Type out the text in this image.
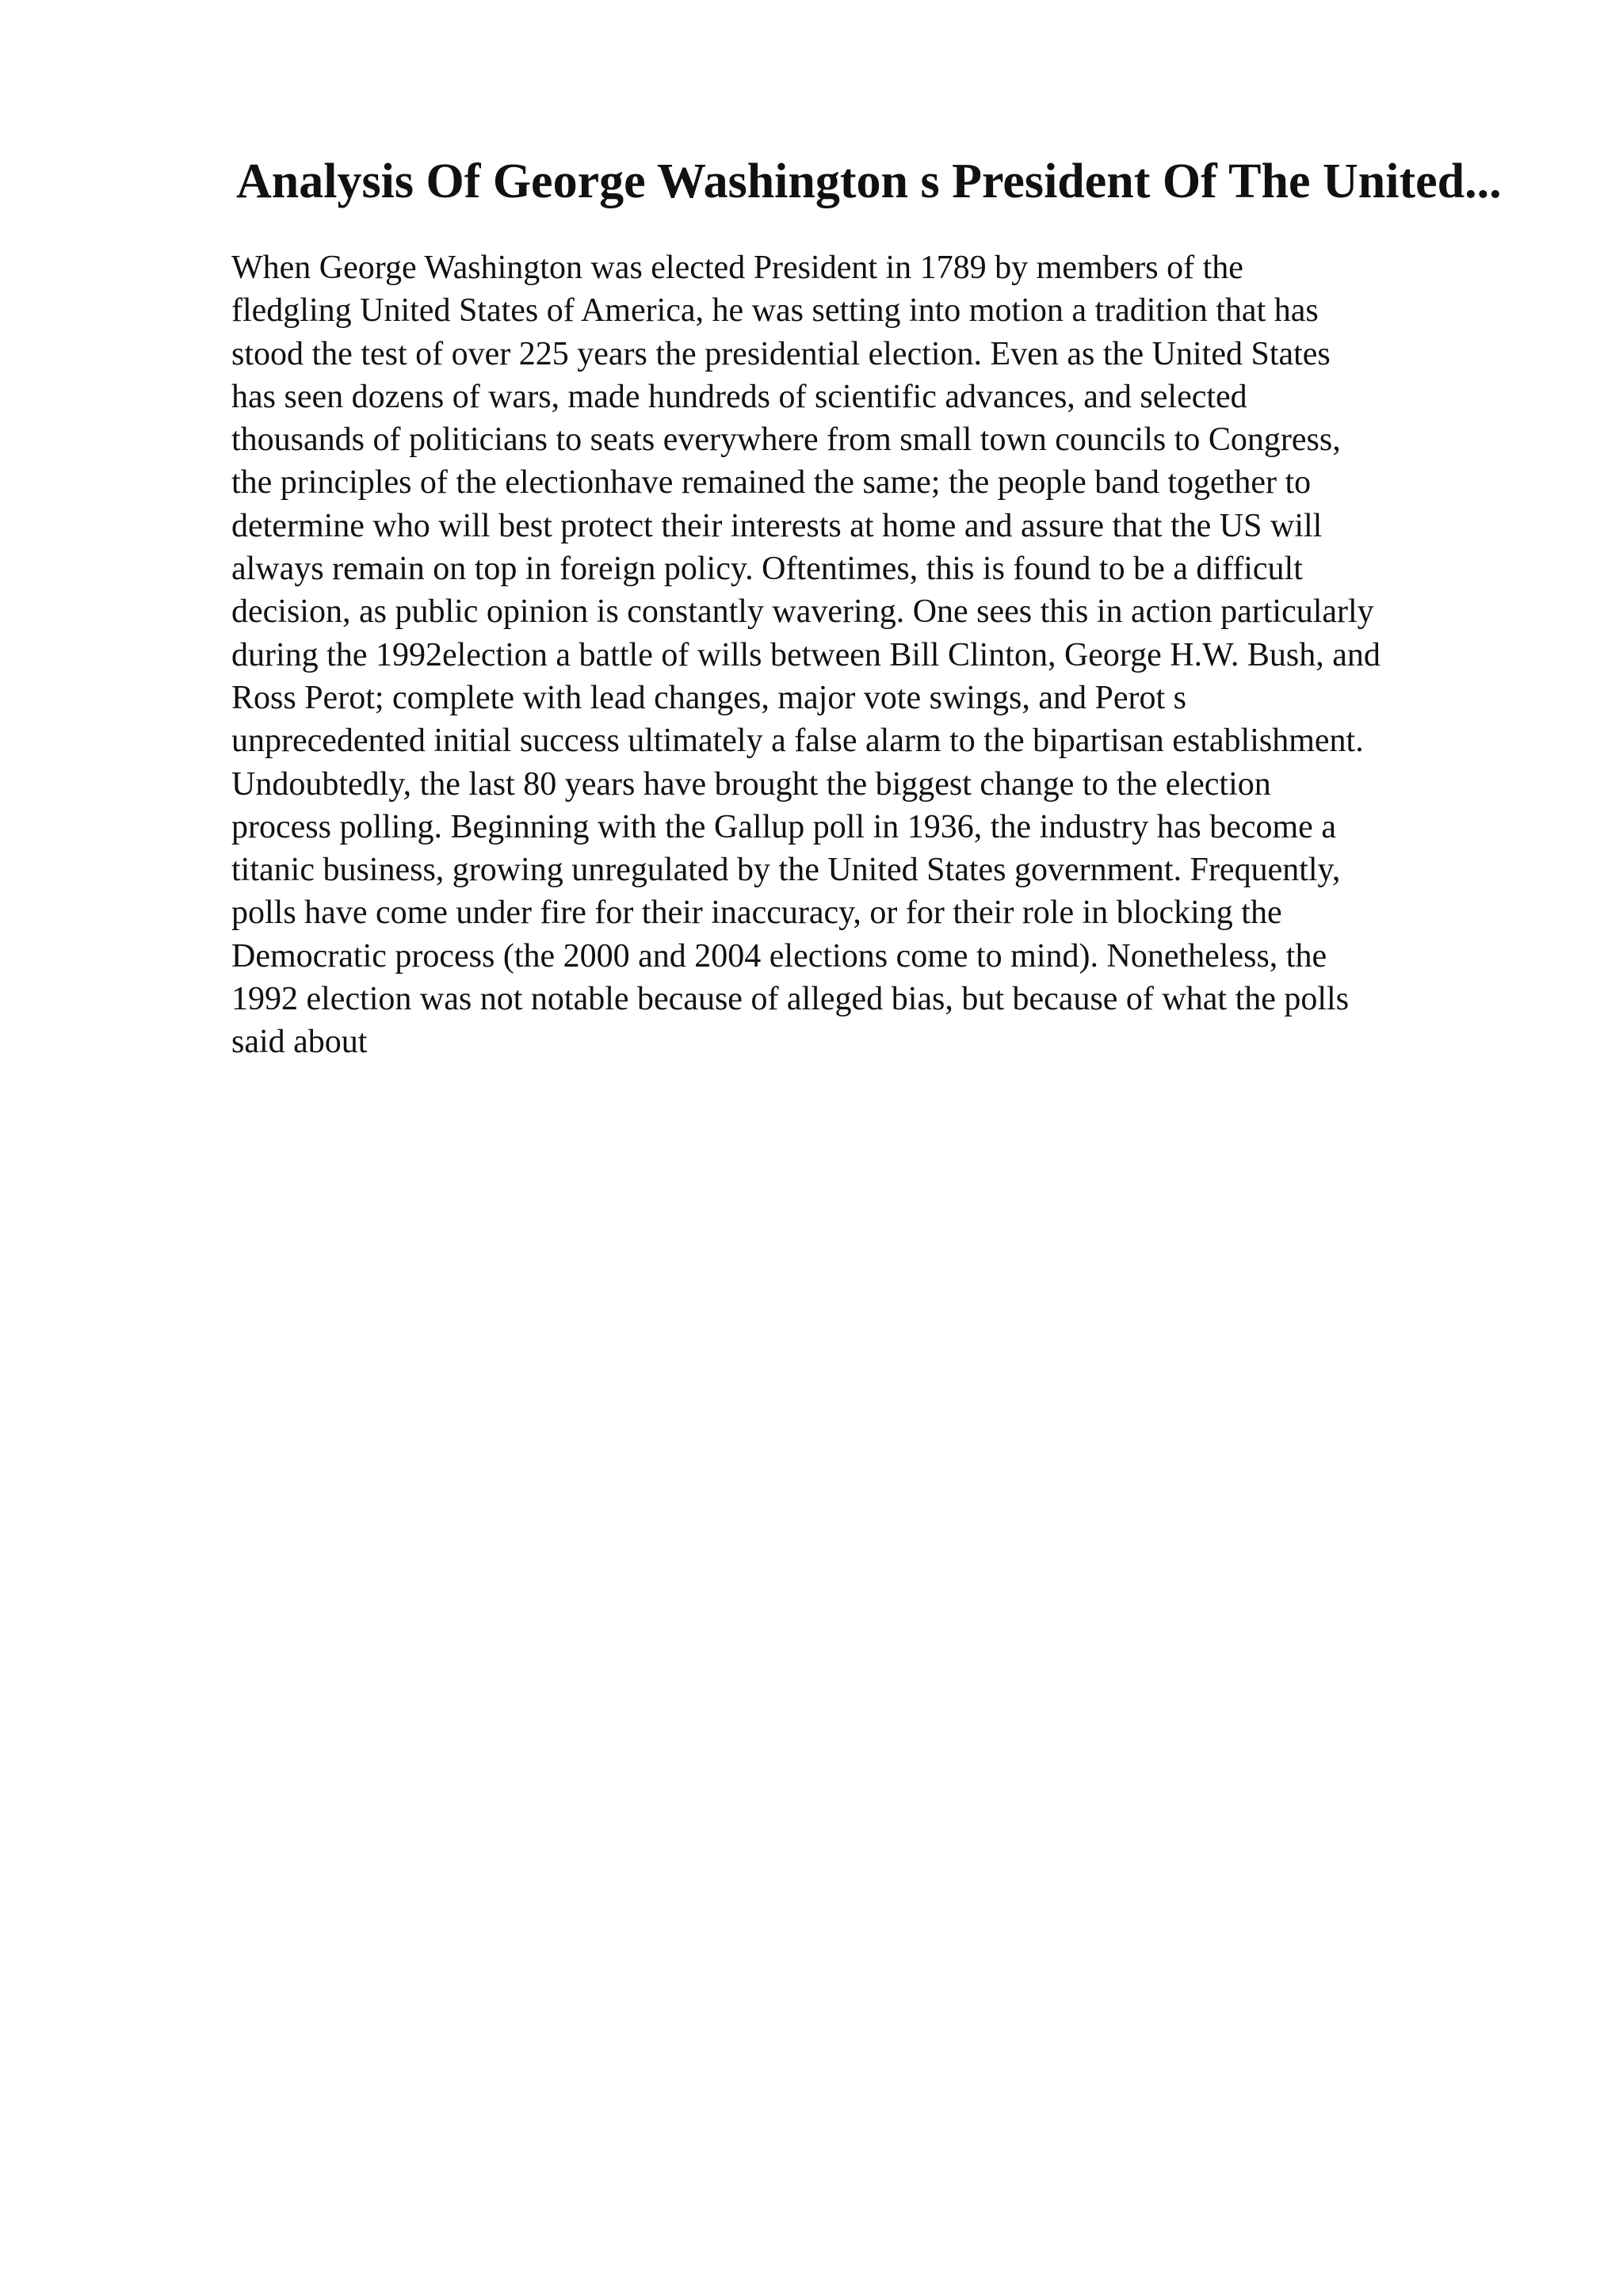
Analysis Of George Washington s President Of The United...
When George Washington was elected President in 1789 by members of the
fledgling United States of America, he was setting into motion a tradition that has
stood the test of over 225 years the presidential election. Even as the United States
has seen dozens of wars, made hundreds of scientific advances, and selected
thousands of politicians to seats everywhere from small town councils to Congress,
the principles of the electionhave remained the same; the people band together to
determine who will best protect their interests at home and assure that the US will
always remain on top in foreign policy. Oftentimes, this is found to be a difficult
decision, as public opinion is constantly wavering. One sees this in action particularly
during the 1992election a battle of wills between Bill Clinton, George H.W. Bush, and
Ross Perot; complete with lead changes, major vote swings, and Perot s
unprecedented initial success ultimately a false alarm to the bipartisan establishment.
Undoubtedly, the last 80 years have brought the biggest change to the election
process polling. Beginning with the Gallup poll in 1936, the industry has become a
titanic business, growing unregulated by the United States government. Frequently,
polls have come under fire for their inaccuracy, or for their role in blocking the
Democratic process (the 2000 and 2004 elections come to mind). Nonetheless, the
1992 election was not notable because of alleged bias, but because of what the polls
said about
